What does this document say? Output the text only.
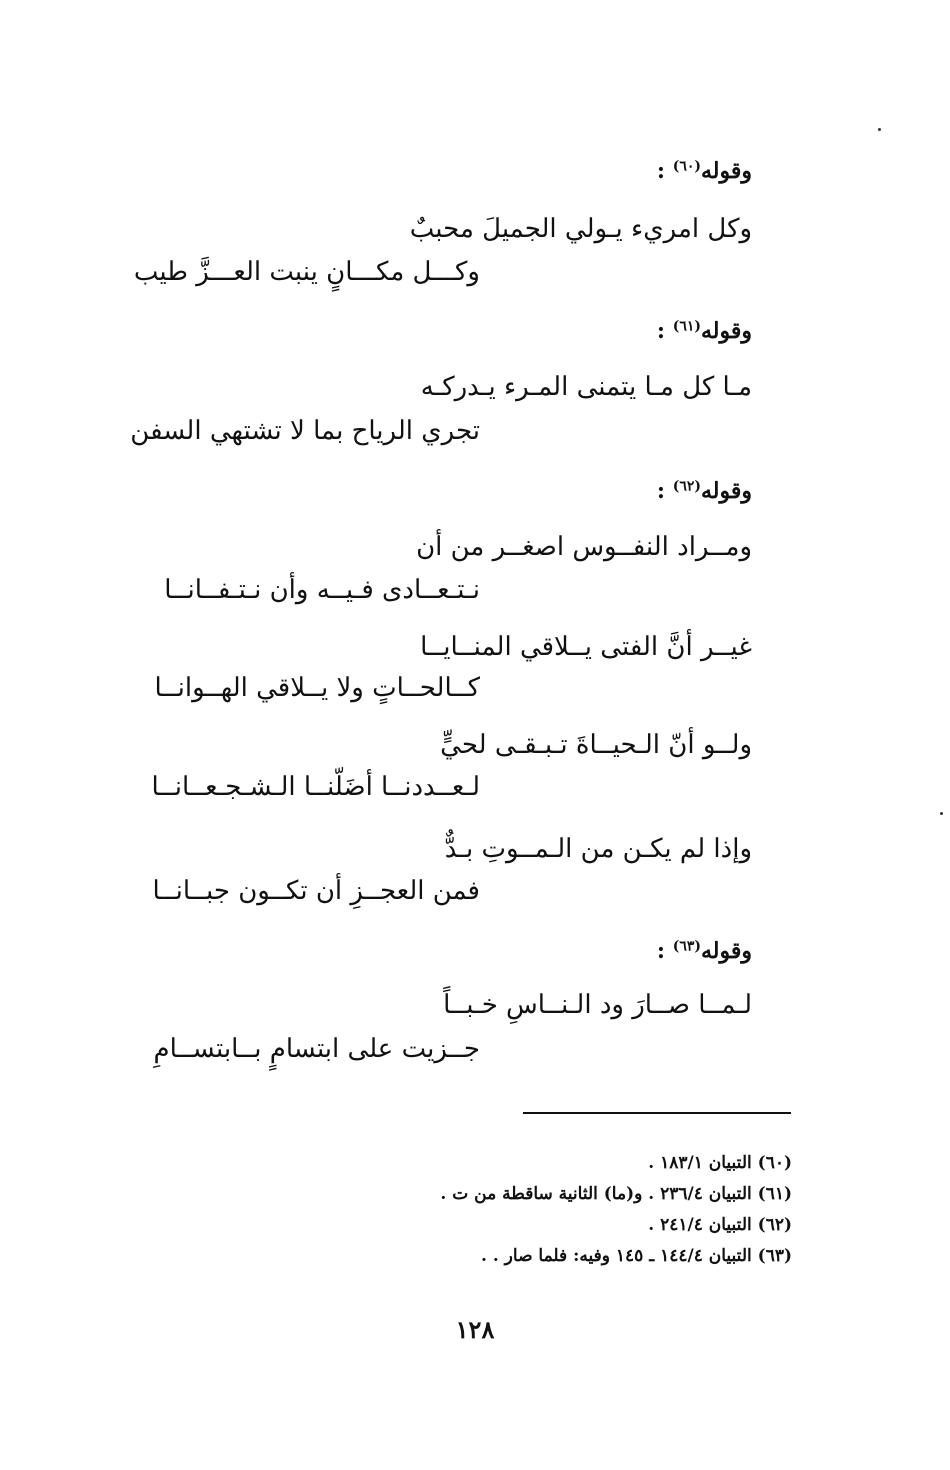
وقوله$^{(٦٠)}$ :
وكل امريء يـولي الجميلَ محببٌ
وكـــل مكـــانٍ ينبت العـــزَّ طيب
وقوله$^{(٦١)}$ :
مـا كل مـا يتمنى المـرء يـدركـه
تجري الرياح بما لا تشتهي السفن
وقوله$^{(٦٢)}$ :
ومــراد النفــوس اصغــر من أن
نـتـعــادى فـيــه وأن نـتـفــانــا
غيــر أنَّ الفتى يــلاقي المنــايــا
كــالحــاتٍ ولا يــلاقي الهــوانــا
ولــو أنّ الـحيــاةَ تـبـقـى لحيٍّ
لـعــددنــا أضَلّنــا الـشـجـعــانــا
وإذا لم يكـن من الـمــوتِ بـدٌّ
فمن العجــزِ أن تكــون جبــانــا
وقوله$^{(٦٣)}$ :
لـمــا صــارَ ود الـنــاسِ خـبــاً
جــزيت على ابتسامٍ بــابتســامِ
(٦٠) التبيان ١٨٣/١ .
(٦١) التبيان ٢٣٦/٤ . و(ما) الثانية ساقطة من ت .
(٦٢) التبيان ٢٤١/٤ .
(٦٣) التبيان ١٤٤/٤ ـ ١٤٥ وفيه: فلما صار . .
١٢٨
